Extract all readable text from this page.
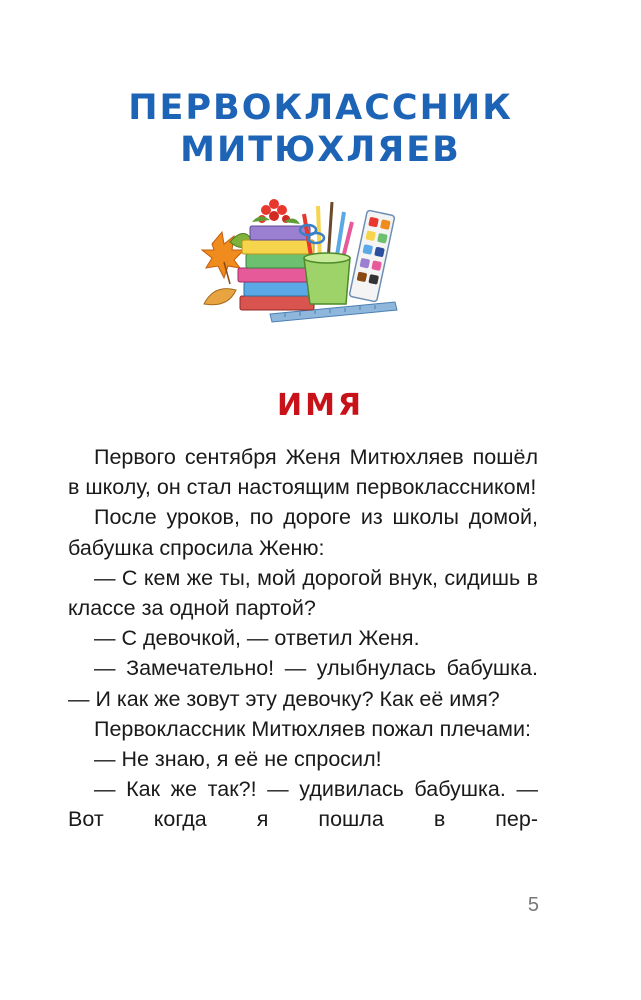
ПЕРВОКЛАССНИК
МИТЮХЛЯЕВ
ИМЯ

Первого сентября Женя Митюхляев пошёл в школу, он стал настоящим первоклассником!

После уроков, по дороге из школы домой, бабушка спросила Женю:

— С кем же ты, мой дорогой внук, сидишь в классе за одной партой?

— С девочкой, — ответил Женя.

— Замечательно! — улыбнулась бабушка. — И как же зовут эту девочку? Как её имя?

Первоклассник Митюхляев пожал плечами:

— Не знаю, я её не спросил!

— Как же так?! — удивилась бабушка. — Вот когда я пошла в пер-

5
